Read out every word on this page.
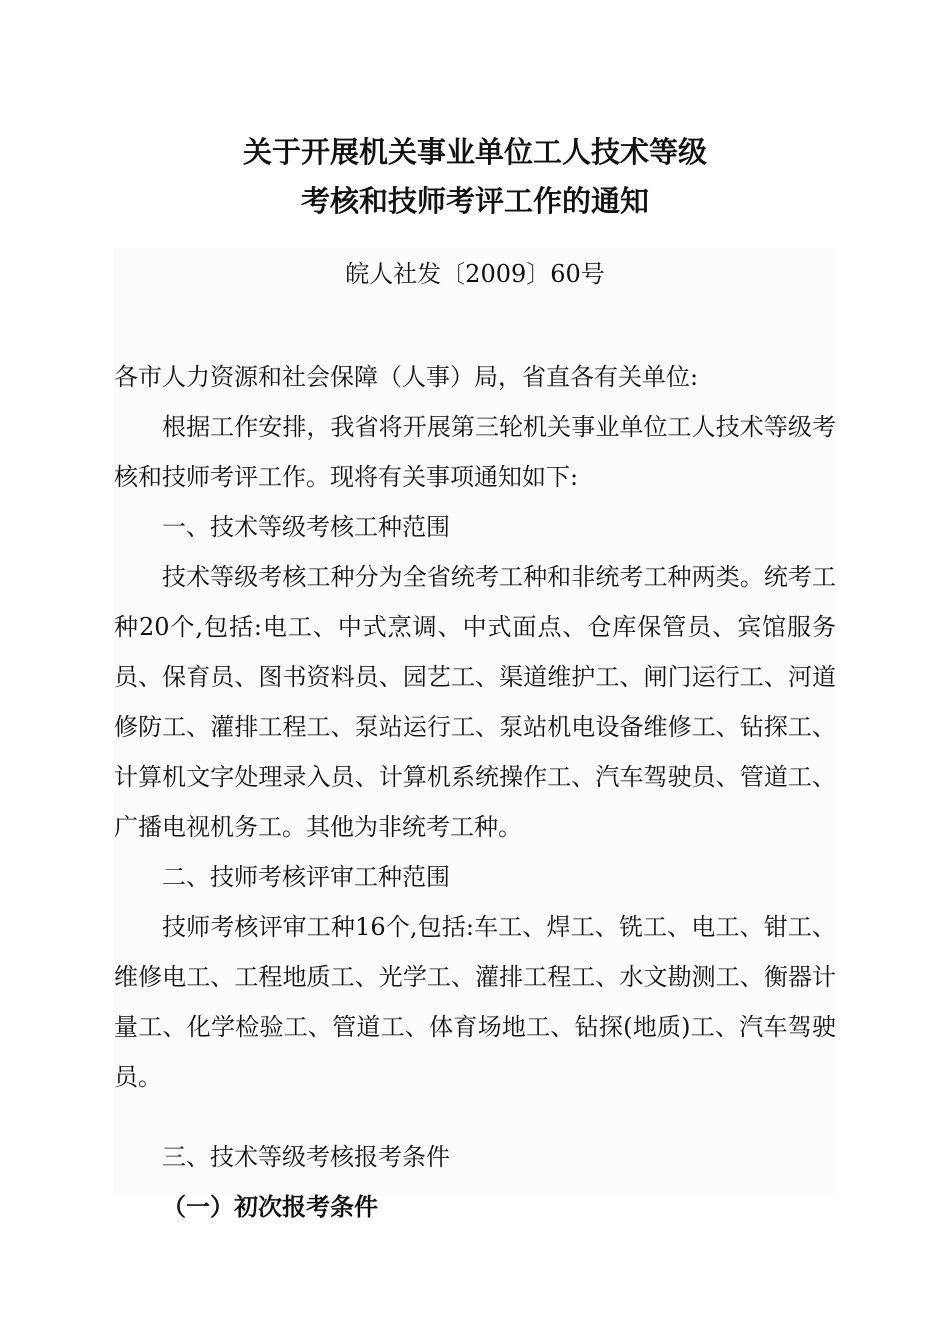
关于开展机关事业单位工人技术等级
考核和技师考评工作的通知
皖人社发〔2009〕60号

各市人力资源和社会保障（人事）局，省直各有关单位:

根据工作安排，我省将开展第三轮机关事业单位工人技术等级考核和技师考评工作。现将有关事项通知如下:

一、技术等级考核工种范围

技术等级考核工种分为全省统考工种和非统考工种两类。统考工种20个,包括:电工、中式烹调、中式面点、仓库保管员、宾馆服务员、保育员、图书资料员、园艺工、渠道维护工、闸门运行工、河道修防工、灌排工程工、泵站运行工、泵站机电设备维修工、钻探工、计算机文字处理录入员、计算机系统操作工、汽车驾驶员、管道工、广播电视机务工。其他为非统考工种。

二、技师考核评审工种范围

技师考核评审工种16个,包括:车工、焊工、铣工、电工、钳工、维修电工、工程地质工、光学工、灌排工程工、水文勘测工、衡器计量工、化学检验工、管道工、体育场地工、钻探(地质)工、汽车驾驶员。

三、技术等级考核报考条件

（一）初次报考条件
